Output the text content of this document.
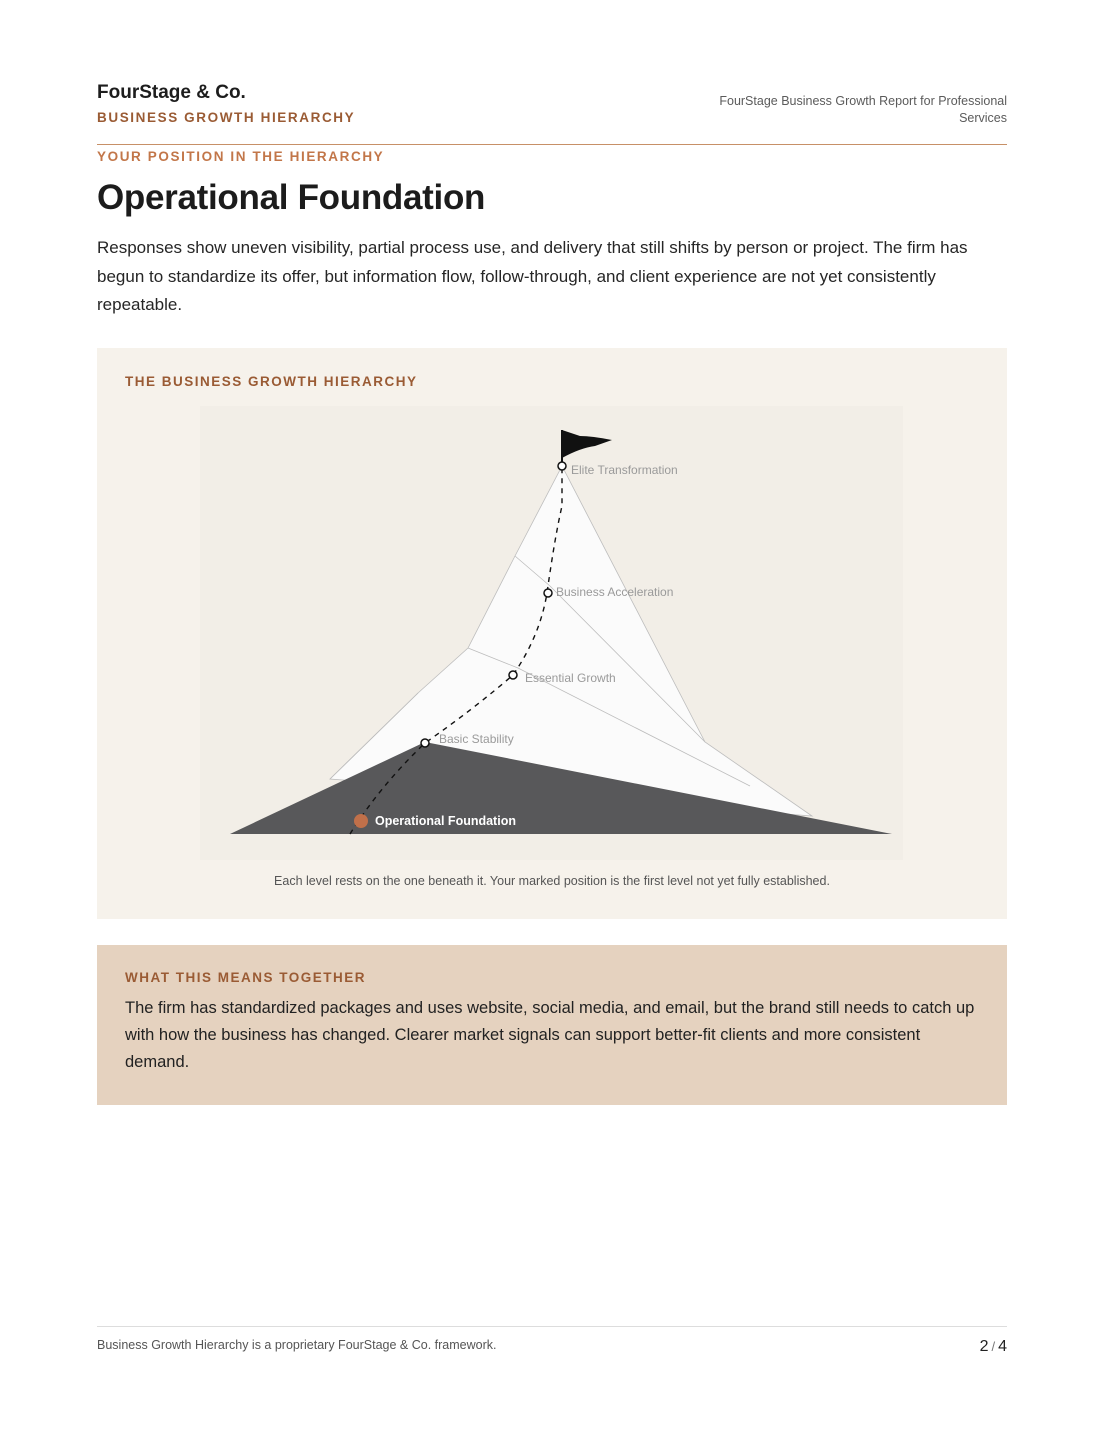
FourStage & Co.
BUSINESS GROWTH HIERARCHY
FourStage Business Growth Report for Professional Services
YOUR POSITION IN THE HIERARCHY
Operational Foundation

Responses show uneven visibility, partial process use, and delivery that still shifts by person or project. The firm has begun to standardize its offer, but information flow, follow-through, and client experience are not yet consistently repeatable.

THE BUSINESS GROWTH HIERARCHY
Elite Transformation
Business Acceleration
Essential Growth
Basic Stability
Operational Foundation
Each level rests on the one beneath it. Your marked position is the first level not yet fully established.
WHAT THIS MEANS TOGETHER

The firm has standardized packages and uses website, social media, and email, but the brand still needs to catch up with how the business has changed. Clearer market signals can support better-fit clients and more consistent demand.

Business Growth Hierarchy is a proprietary FourStage & Co. framework.	2 / 4
